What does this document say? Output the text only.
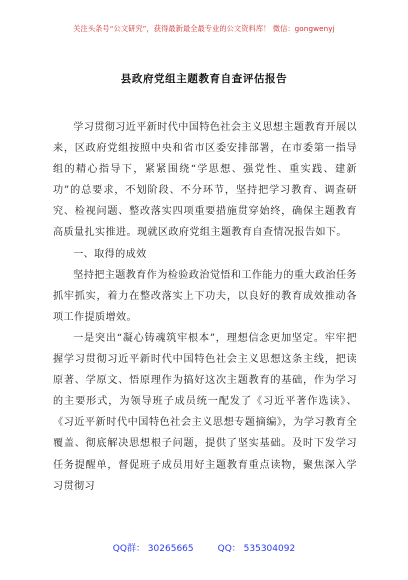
关注头条号“公文研究”，获得最新最全最专业的公文资料库！ 微信：gongwenyj
县政府党组主题教育自查评估报告

学习贯彻习近平新时代中国特色社会主义思想主题教育开展以来，区政府党组按照中央和省市区委安排部署，在市委第一指导组的精心指导下，紧紧围绕“学思想、强党性、重实践、建新功”的总要求，不划阶段、不分环节，坚持把学习教育、调查研究、检视问题、整改落实四项重要措施贯穿始终，确保主题教育高质量扎实推进。现就区政府党组主题教育自查情况报告如下。

一、取得的成效

坚持把主题教育作为检验政治觉悟和工作能力的重大政治任务抓牢抓实，着力在整改落实上下功夫，以良好的教育成效推动各项工作提质增效。

一是突出“凝心铸魂筑牢根本”，理想信念更加坚定。牢牢把握学习贯彻习近平新时代中国特色社会主义思想这条主线，把读原著、学原文、悟原理作为搞好这次主题教育的基础，作为学习的主要形式，为领导班子成员统一配发了《习近平著作选读》、《习近平新时代中国特色社会主义思想专题摘编》，为学习教育全覆盖、彻底解决思想根子问题，提供了坚实基础。及时下发学习任务提醒单，督促班子成员用好主题教育重点读物，聚焦深入学习贯彻习

QQ群： 30265665	QQ： 535304092
